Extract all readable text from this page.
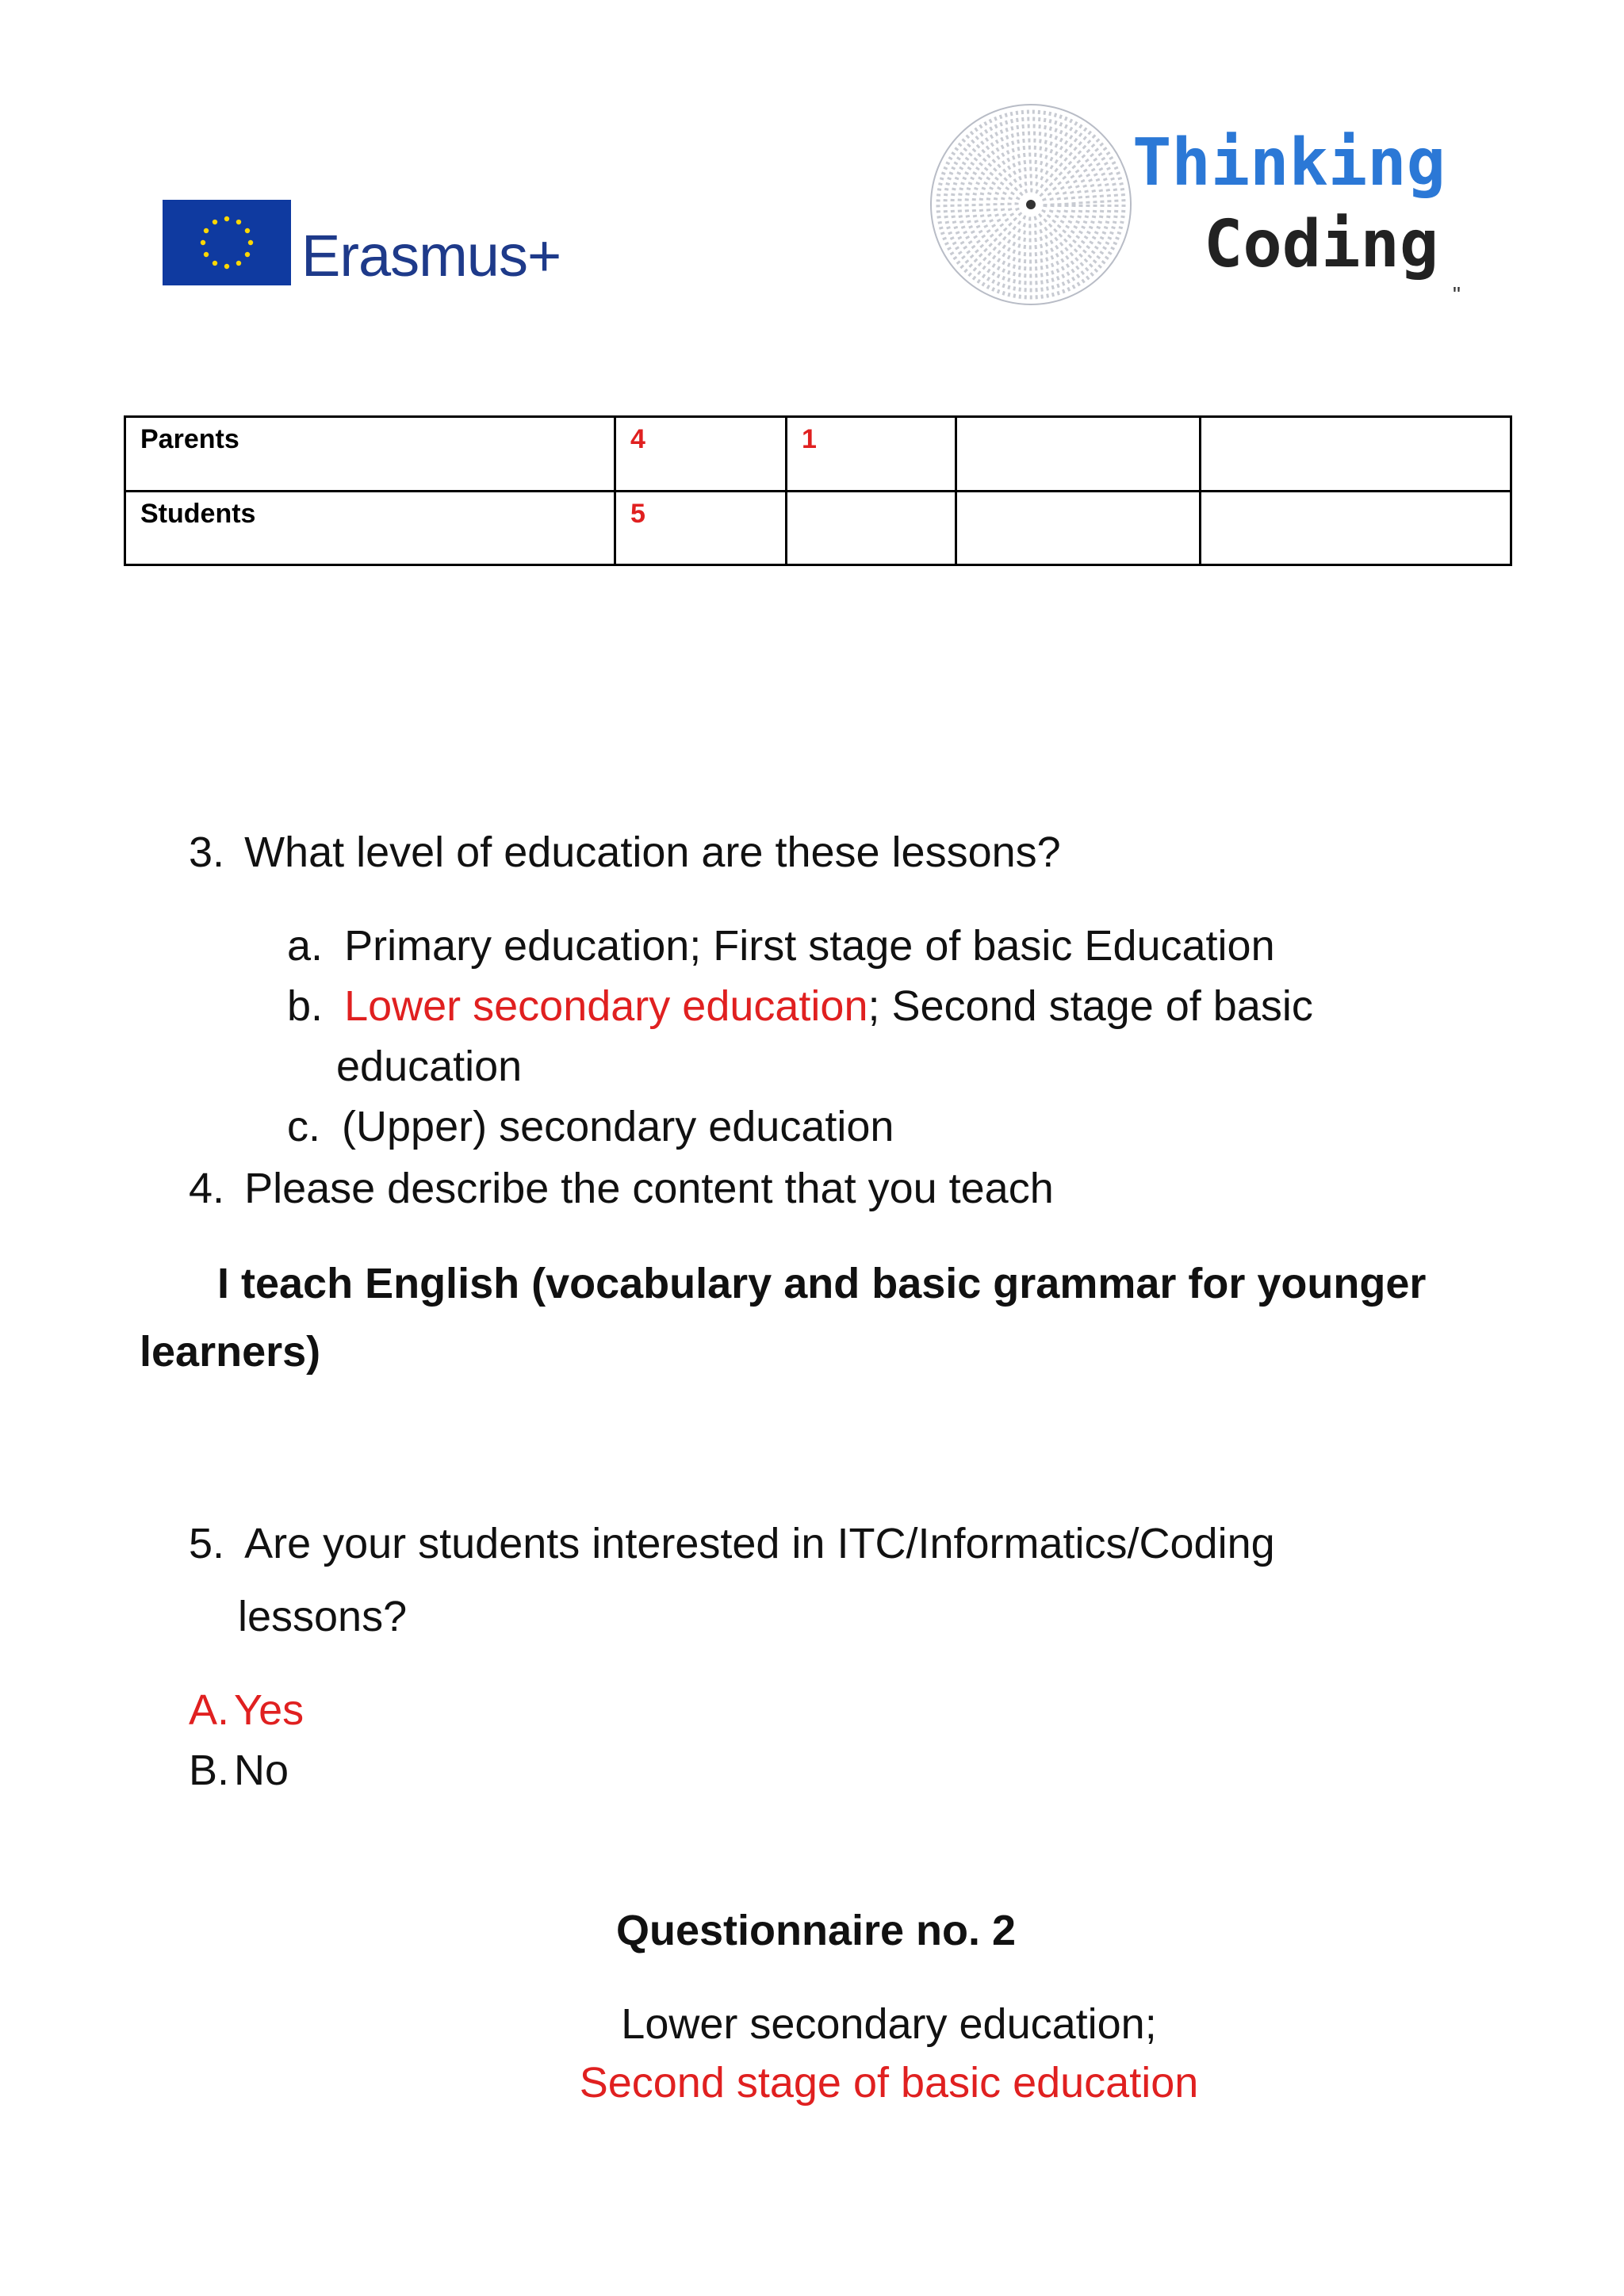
Erasmus+
Thinking
Coding
"
Parents	4	1		
Students	5			
3. What level of education are these lessons?
a. Primary education; First stage of basic Education
b. Lower secondary education; Second stage of basic
education
c. (Upper) secondary education
4. Please describe the content that you teach
I teach English (vocabulary and basic grammar for younger
learners)
5. Are your students interested in ITC/Informatics/Coding
lessons?
A. Yes
B. No
Questionnaire no. 2
Lower secondary education;
Second stage of basic education
